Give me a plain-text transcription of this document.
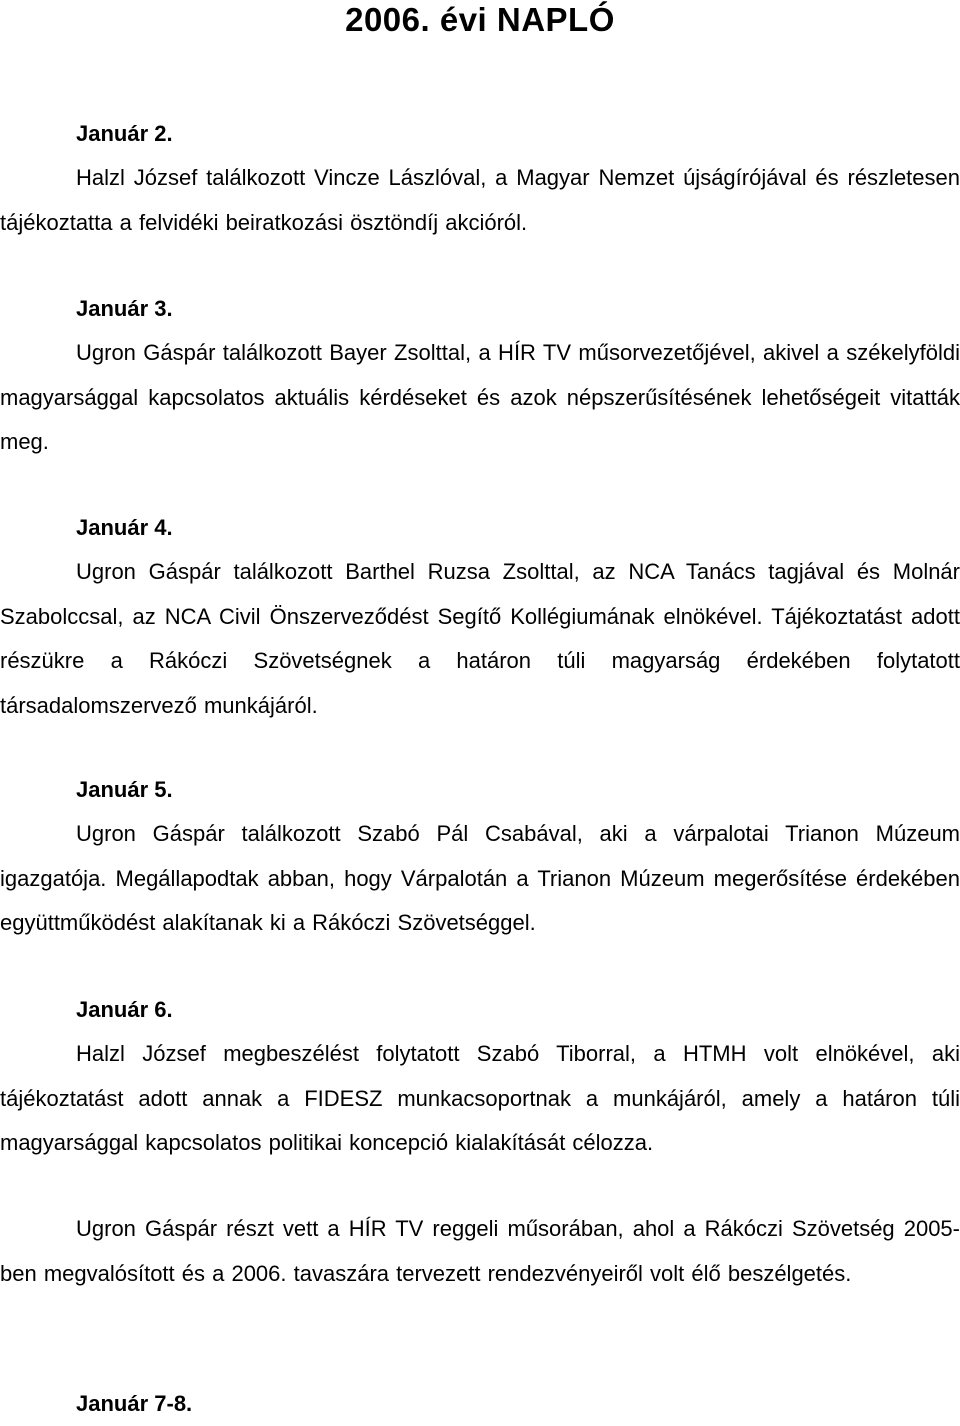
2006. évi NAPLÓ

Január 2.

Halzl József találkozott Vincze Lászlóval, a Magyar Nemzet újságírójával és részletesen tájékoztatta a felvidéki beiratkozási ösztöndíj akcióról.

Január 3.

Ugron Gáspár találkozott Bayer Zsolttal, a HÍR TV műsorvezetőjével, akivel a székelyföldi magyarsággal kapcsolatos aktuális kérdéseket és azok népszerűsítésének lehetőségeit vitatták meg.

Január 4.

Ugron Gáspár találkozott Barthel Ruzsa Zsolttal, az NCA Tanács tagjával és Molnár Szabolccsal, az NCA Civil Önszerveződést Segítő Kollégiumának elnökével. Tájékoztatást adott részükre a Rákóczi Szövetségnek a határon túli magyarság érdekében folytatott társadalomszervező munkájáról.

Január 5.

Ugron Gáspár találkozott Szabó Pál Csabával, aki a várpalotai Trianon Múzeum igazgatója. Megállapodtak abban, hogy Várpalotán a Trianon Múzeum megerősítése érdekében együttműködést alakítanak ki a Rákóczi Szövetséggel.

Január 6.

Halzl József megbeszélést folytatott Szabó Tiborral, a HTMH volt elnökével, aki tájékoztatást adott annak a FIDESZ munkacsoportnak a munkájáról, amely a határon túli magyarsággal kapcsolatos politikai koncepció kialakítását célozza.

Ugron Gáspár részt vett a HÍR TV reggeli műsorában, ahol a Rákóczi Szövetség 2005-ben megvalósított és a 2006. tavaszára tervezett rendezvényeiről volt élő beszélgetés.

Január 7-8.
